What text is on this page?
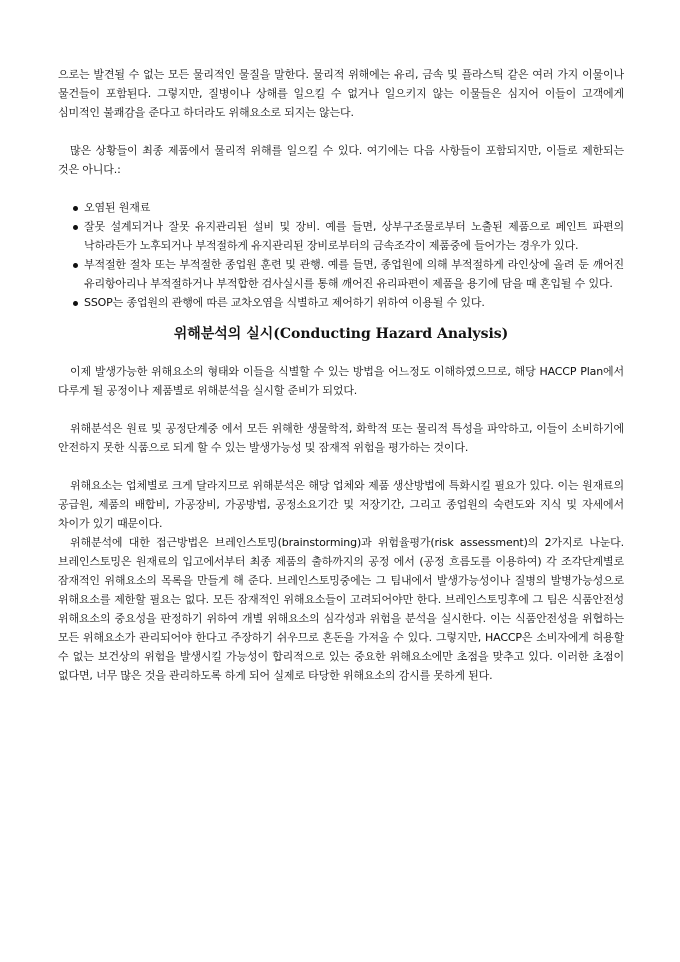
으로는 발견될 수 없는 모든 물리적인 물질을 말한다. 물리적 위해에는 유리, 금속 및 플라스틱 같은 여러 가지 이물이나 물건들이 포함된다. 그렇지만, 질병이나 상해를 일으킬 수 없거나 일으키지 않는 이물들은 심지어 이들이 고객에게 심미적인 불쾌감을 준다고 하더라도 위해요소로 되지는 않는다.

많은 상황들이 최종 제품에서 물리적 위해를 일으킬 수 있다. 여기에는 다음 사항들이 포함되지만, 이들로 제한되는 것은 아니다.:

오염된 원재료
잘못 설계되거나 잘못 유지관리된 설비 및 장비. 예를 들면, 상부구조물로부터 노출된 제품으로 페인트 파편의 낙하라든가 노후되거나 부적절하게 유지관리된 장비로부터의 금속조각이 제품중에 들어가는 경우가 있다.
부적절한 절차 또는 부적절한 종업원 훈련 및 관행. 예를 들면, 종업원에 의해 부적절하게 라인상에 올려 둔 깨어진 유리항아리나 부적절하거나 부적합한 검사실시를 통해 깨어진 유리파편이 제품을 용기에 담을 때 혼입될 수 있다.
SSOP는 종업원의 관행에 따른 교차오염을 식별하고 제어하기 위하여 이용될 수 있다.
위해분석의 실시(Conducting Hazard Analysis)

이제 발생가능한 위해요소의 형태와 이들을 식별할 수 있는 방법을 어느정도 이해하였으므로, 해당 HACCP Plan에서 다루게 될 공정이나 제품별로 위해분석을 실시할 준비가 되었다.

위해분석은 원료 및 공정단계중 에서 모든 위해한 생물학적, 화학적 또는 물리적 특성을 파악하고, 이들이 소비하기에 안전하지 못한 식품으로 되게 할 수 있는 발생가능성 및 잠재적 위험을 평가하는 것이다.

위해요소는 업체별로 크게 달라지므로 위해분석은 해당 업체와 제품 생산방법에 특화시킬 필요가 있다. 이는 원재료의 공급원, 제품의 배합비, 가공장비, 가공방법, 공정소요기간 및 저장기간, 그리고 종업원의 숙련도와 지식 및 자세에서 차이가 있기 때문이다.

위해분석에 대한 접근방법은 브레인스토밍(brainstorming)과 위험율평가(risk assessment)의 2가지로 나눈다. 브레인스토밍은 원재료의 입고에서부터 최종 제품의 출하까지의 공정 에서 (공정 흐름도를 이용하여) 각 조각단계별로 잠재적인 위해요소의 목록을 만들게 해 준다. 브레인스토밍중에는 그 팀내에서 발생가능성이나 질병의 발병가능성으로 위해요소를 제한할 필요는 없다. 모든 잠재적인 위해요소들이 고려되어야만 한다. 브레인스토밍후에 그 팀은 식품안전성 위해요소의 중요성을 판정하기 위하여 개별 위해요소의 심각성과 위험을 분석을 실시한다. 이는 식품안전성을 위협하는 모든 위해요소가 관리되어야 한다고 주장하기 쉬우므로 혼돈을 가져올 수 있다. 그렇지만, HACCP은 소비자에게 허용할 수 없는 보건상의 위험을 발생시킬 가능성이 합리적으로 있는 중요한 위해요소에만 초점을 맞추고 있다. 이러한 초점이 없다면, 너무 많은 것을 관리하도록 하게 되어 실제로 타당한 위해요소의 감시를 못하게 된다.
